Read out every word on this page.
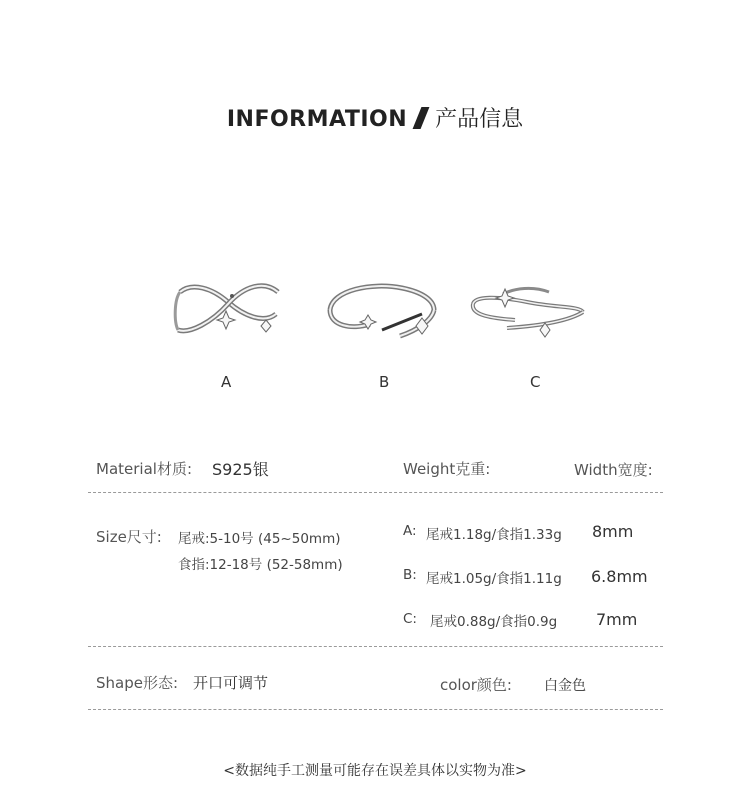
INFORMATION 产品信息
A	B	C
Material材质: S925银	Weight克重:	Width宽度:
Size尺寸: 尾戒:5-10号 (45~50mm)
食指:12-18号 (52-58mm)
A: 尾戒1.18g/食指1.33g 8mm
B: 尾戒1.05g/食指1.11g 6.8mm
C: 尾戒0.88g/食指0.9g 7mm
Shape形态: 开口可调节	color颜色: 白金色
<数据纯手工测量可能存在误差具体以实物为准>
